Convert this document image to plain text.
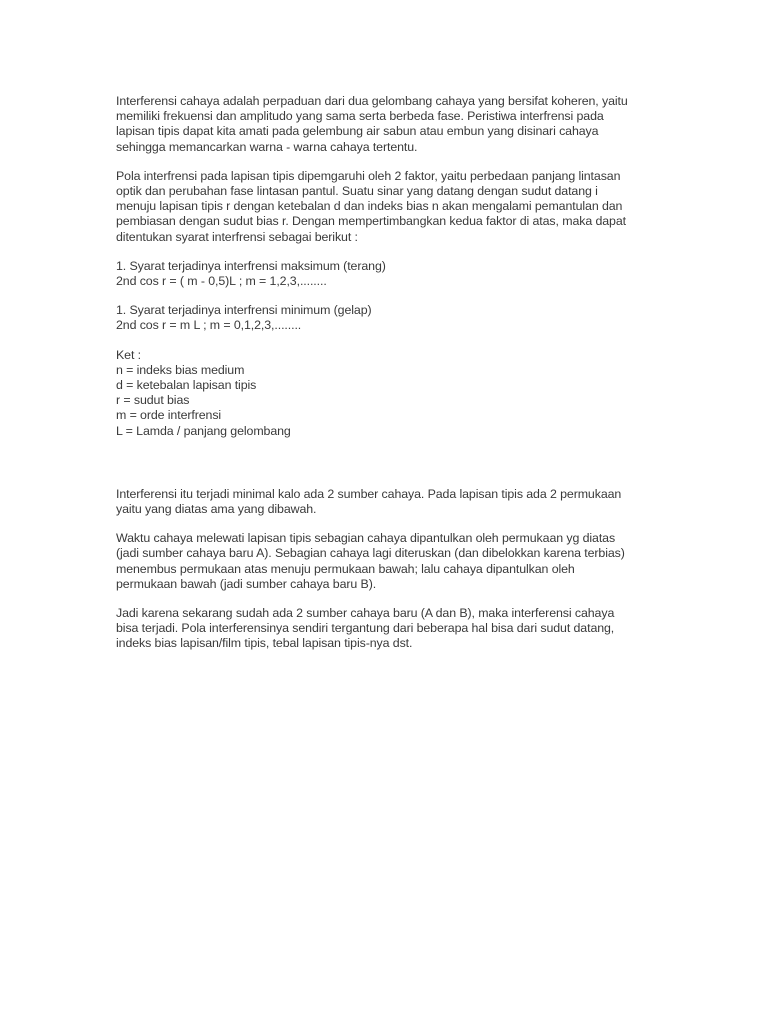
Interferensi cahaya adalah perpaduan dari dua gelombang cahaya yang bersifat koheren, yaitu
memiliki frekuensi dan amplitudo yang sama serta berbeda fase. Peristiwa interfrensi pada
lapisan tipis dapat kita amati pada gelembung air sabun atau embun yang disinari cahaya
sehingga memancarkan warna - warna cahaya tertentu.

Pola interfrensi pada lapisan tipis dipemgaruhi oleh 2 faktor, yaitu perbedaan panjang lintasan
optik dan perubahan fase lintasan pantul. Suatu sinar yang datang dengan sudut datang i
menuju lapisan tipis r dengan ketebalan d dan indeks bias n akan mengalami pemantulan dan
pembiasan dengan sudut bias r. Dengan mempertimbangkan kedua faktor di atas, maka dapat
ditentukan syarat interfrensi sebagai berikut :

1. Syarat terjadinya interfrensi maksimum (terang)
2nd cos r = ( m - 0,5)L ; m = 1,2,3,........

1. Syarat terjadinya interfrensi minimum (gelap)
2nd cos r = m L ; m = 0,1,2,3,........

Ket :
n = indeks bias medium
d = ketebalan lapisan tipis
r = sudut bias
m = orde interfrensi
L = Lamda / panjang gelombang

Interferensi itu terjadi minimal kalo ada 2 sumber cahaya. Pada lapisan tipis ada 2 permukaan
yaitu yang diatas ama yang dibawah.

Waktu cahaya melewati lapisan tipis sebagian cahaya dipantulkan oleh permukaan yg diatas
(jadi sumber cahaya baru A). Sebagian cahaya lagi diteruskan (dan dibelokkan karena terbias)
menembus permukaan atas menuju permukaan bawah; lalu cahaya dipantulkan oleh
permukaan bawah (jadi sumber cahaya baru B).

Jadi karena sekarang sudah ada 2 sumber cahaya baru (A dan B), maka interferensi cahaya
bisa terjadi. Pola interferensinya sendiri tergantung dari beberapa hal bisa dari sudut datang,
indeks bias lapisan/film tipis, tebal lapisan tipis-nya dst.
